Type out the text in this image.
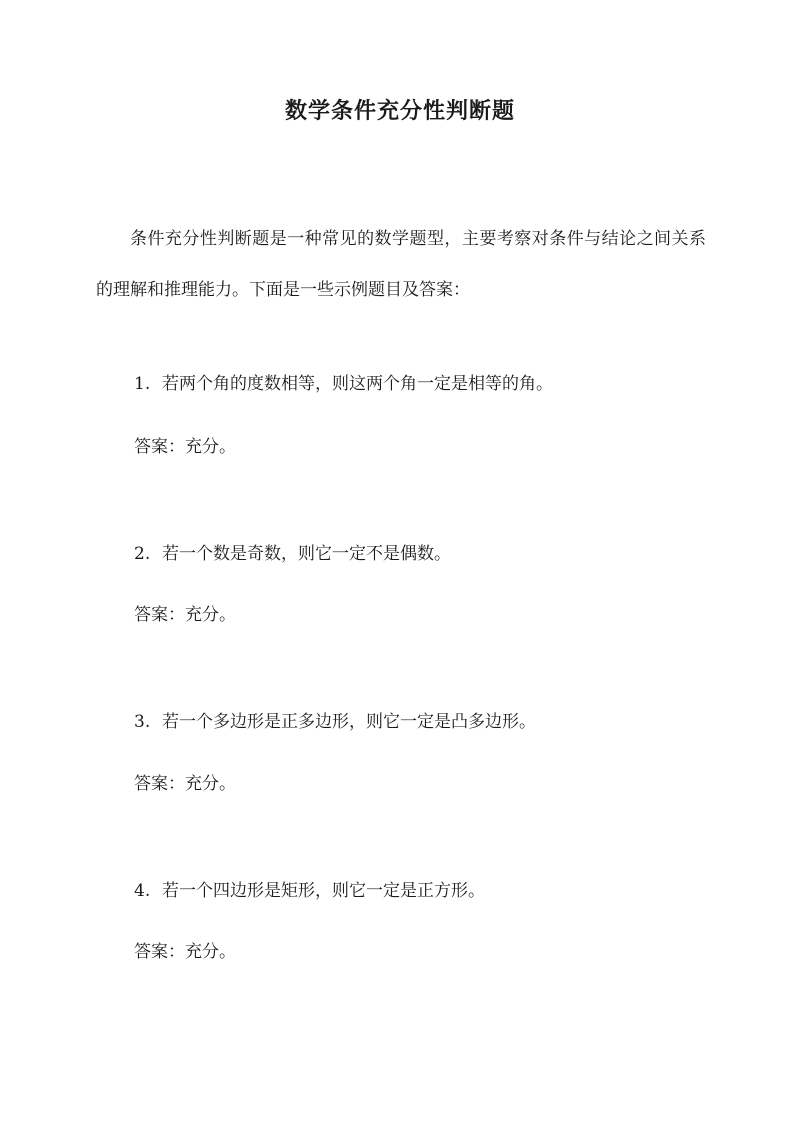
数学条件充分性判断题

条件充分性判断题是一种常见的数学题型，主要考察对条件与结论之间关系的理解和推理能力。下面是一些示例题目及答案：

1. 若两个角的度数相等，则这两个角一定是相等的角。

答案：充分。

2. 若一个数是奇数，则它一定不是偶数。

答案：充分。

3. 若一个多边形是正多边形，则它一定是凸多边形。

答案：充分。

4. 若一个四边形是矩形，则它一定是正方形。

答案：充分。
